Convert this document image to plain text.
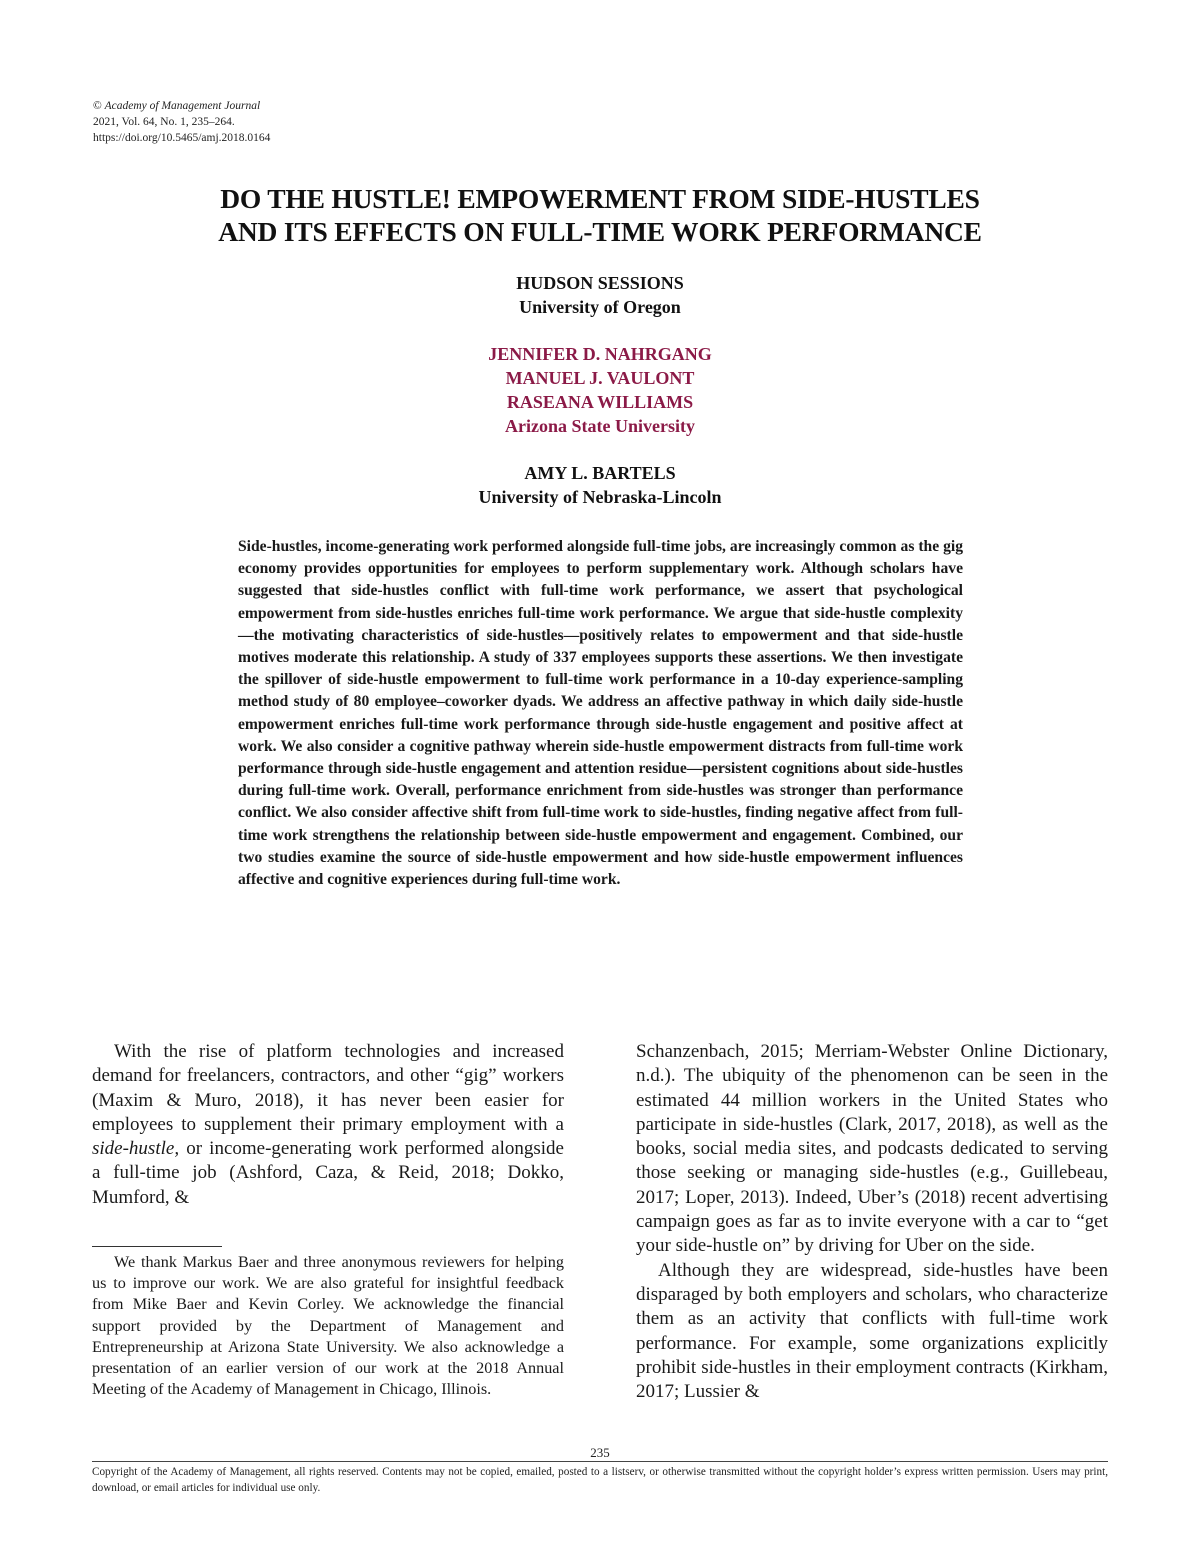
© Academy of Management Journal
2021, Vol. 64, No. 1, 235–264.
https://doi.org/10.5465/amj.2018.0164
DO THE HUSTLE! EMPOWERMENT FROM SIDE-HUSTLES
AND ITS EFFECTS ON FULL-TIME WORK PERFORMANCE
HUDSON SESSIONS
University of Oregon
JENNIFER D. NAHRGANG
MANUEL J. VAULONT
RASEANA WILLIAMS
Arizona State University
AMY L. BARTELS
University of Nebraska-Lincoln
Side-hustles, income-generating work performed alongside full-time jobs, are increasingly common as the gig economy provides opportunities for employees to perform supplementary work. Although scholars have suggested that side-hustles conflict with full-time work performance, we assert that psychological empowerment from side-hustles enriches full-time work performance. We argue that side-hustle complexity—the motivating characteristics of side-hustles—positively relates to empowerment and that side-hustle motives moderate this relationship. A study of 337 employees supports these assertions. We then investigate the spillover of side-hustle empowerment to full-time work performance in a 10-day experience-sampling method study of 80 employee–coworker dyads. We address an affective pathway in which daily side-hustle empowerment enriches full-time work performance through side-hustle engagement and positive affect at work. We also consider a cognitive pathway wherein side-hustle empowerment distracts from full-time work performance through side-hustle engagement and attention residue—persistent cognitions about side-hustles during full-time work. Overall, performance enrichment from side-hustles was stronger than performance conflict. We also consider affective shift from full-time work to side-hustles, finding negative affect from full-time work strengthens the relationship between side-hustle empowerment and engagement. Combined, our two studies examine the source of side-hustle empowerment and how side-hustle empowerment influences affective and cognitive experiences during full-time work.

With the rise of platform technologies and increased demand for freelancers, contractors, and other “gig” workers (Maxim & Muro, 2018), it has never been easier for employees to supplement their primary employment with a side-hustle, or income-generating work performed alongside a full-time job (Ashford, Caza, & Reid, 2018; Dokko, Mumford, &

We thank Markus Baer and three anonymous reviewers for helping us to improve our work. We are also grateful for insightful feedback from Mike Baer and Kevin Corley. We acknowledge the financial support provided by the Department of Management and Entrepreneurship at Arizona State University. We also acknowledge a presentation of an earlier version of our work at the 2018 Annual Meeting of the Academy of Management in Chicago, Illinois.

Schanzenbach, 2015; Merriam-Webster Online Dictionary, n.d.). The ubiquity of the phenomenon can be seen in the estimated 44 million workers in the United States who participate in side-hustles (Clark, 2017, 2018), as well as the books, social media sites, and podcasts dedicated to serving those seeking or managing side-hustles (e.g., Guillebeau, 2017; Loper, 2013). Indeed, Uber’s (2018) recent advertising campaign goes as far as to invite everyone with a car to “get your side-hustle on” by driving for Uber on the side.

Although they are widespread, side-hustles have been disparaged by both employers and scholars, who characterize them as an activity that conflicts with full-time work performance. For example, some organizations explicitly prohibit side-hustles in their employment contracts (Kirkham, 2017; Lussier &

235
Copyright of the Academy of Management, all rights reserved. Contents may not be copied, emailed, posted to a listserv, or otherwise transmitted without the copyright holder’s express written permission. Users may print, download, or email articles for individual use only.
